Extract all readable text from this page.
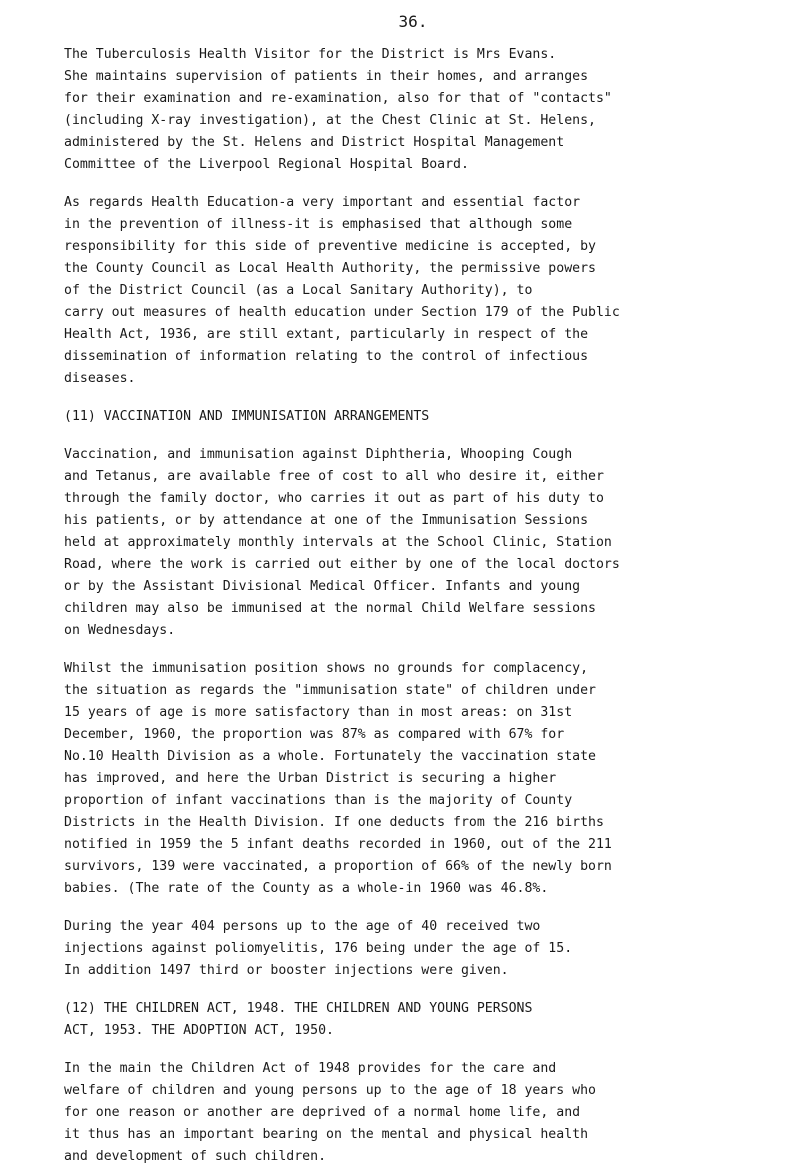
36.

The Tuberculosis Health Visitor for the District is Mrs Evans.
She maintains supervision of patients in their homes, and arranges
for their examination and re-examination, also for that of "contacts"
(including X-ray investigation), at the Chest Clinic at St. Helens,
administered by the St. Helens and District Hospital Management
Committee of the Liverpool Regional Hospital Board.

As regards Health Education-a very important and essential factor
in the prevention of illness-it is emphasised that although some
responsibility for this side of preventive medicine is accepted, by
the County Council as Local Health Authority, the permissive powers
of the District Council (as a Local Sanitary Authority), to
carry out measures of health education under Section 179 of the Public
Health Act, 1936, are still extant, particularly in respect of the
dissemination of information relating to the control of infectious
diseases.

(11) VACCINATION AND IMMUNISATION ARRANGEMENTS

Vaccination, and immunisation against Diphtheria, Whooping Cough
and Tetanus, are available free of cost to all who desire it, either
through the family doctor, who carries it out as part of his duty to
his patients, or by attendance at one of the Immunisation Sessions
held at approximately monthly intervals at the School Clinic, Station
Road, where the work is carried out either by one of the local doctors
or by the Assistant Divisional Medical Officer. Infants and young
children may also be immunised at the normal Child Welfare sessions
on Wednesdays.

Whilst the immunisation position shows no grounds for complacency,
the situation as regards the "immunisation state" of children under
15 years of age is more satisfactory than in most areas: on 31st
December, 1960, the proportion was 87% as compared with 67% for
No.10 Health Division as a whole. Fortunately the vaccination state
has improved, and here the Urban District is securing a higher
proportion of infant vaccinations than is the majority of County
Districts in the Health Division. If one deducts from the 216 births
notified in 1959 the 5 infant deaths recorded in 1960, out of the 211
survivors, 139 were vaccinated, a proportion of 66% of the newly born
babies. (The rate of the County as a whole-in 1960 was 46.8%.

During the year 404 persons up to the age of 40 received two
injections against poliomyelitis, 176 being under the age of 15.
In addition 1497 third or booster injections were given.

(12) THE CHILDREN ACT, 1948. THE CHILDREN AND YOUNG PERSONS
ACT, 1953. THE ADOPTION ACT, 1950.

In the main the Children Act of 1948 provides for the care and
welfare of children and young persons up to the age of 18 years who
for one reason or another are deprived of a normal home life, and
it thus has an important bearing on the mental and physical health
and development of such children.
